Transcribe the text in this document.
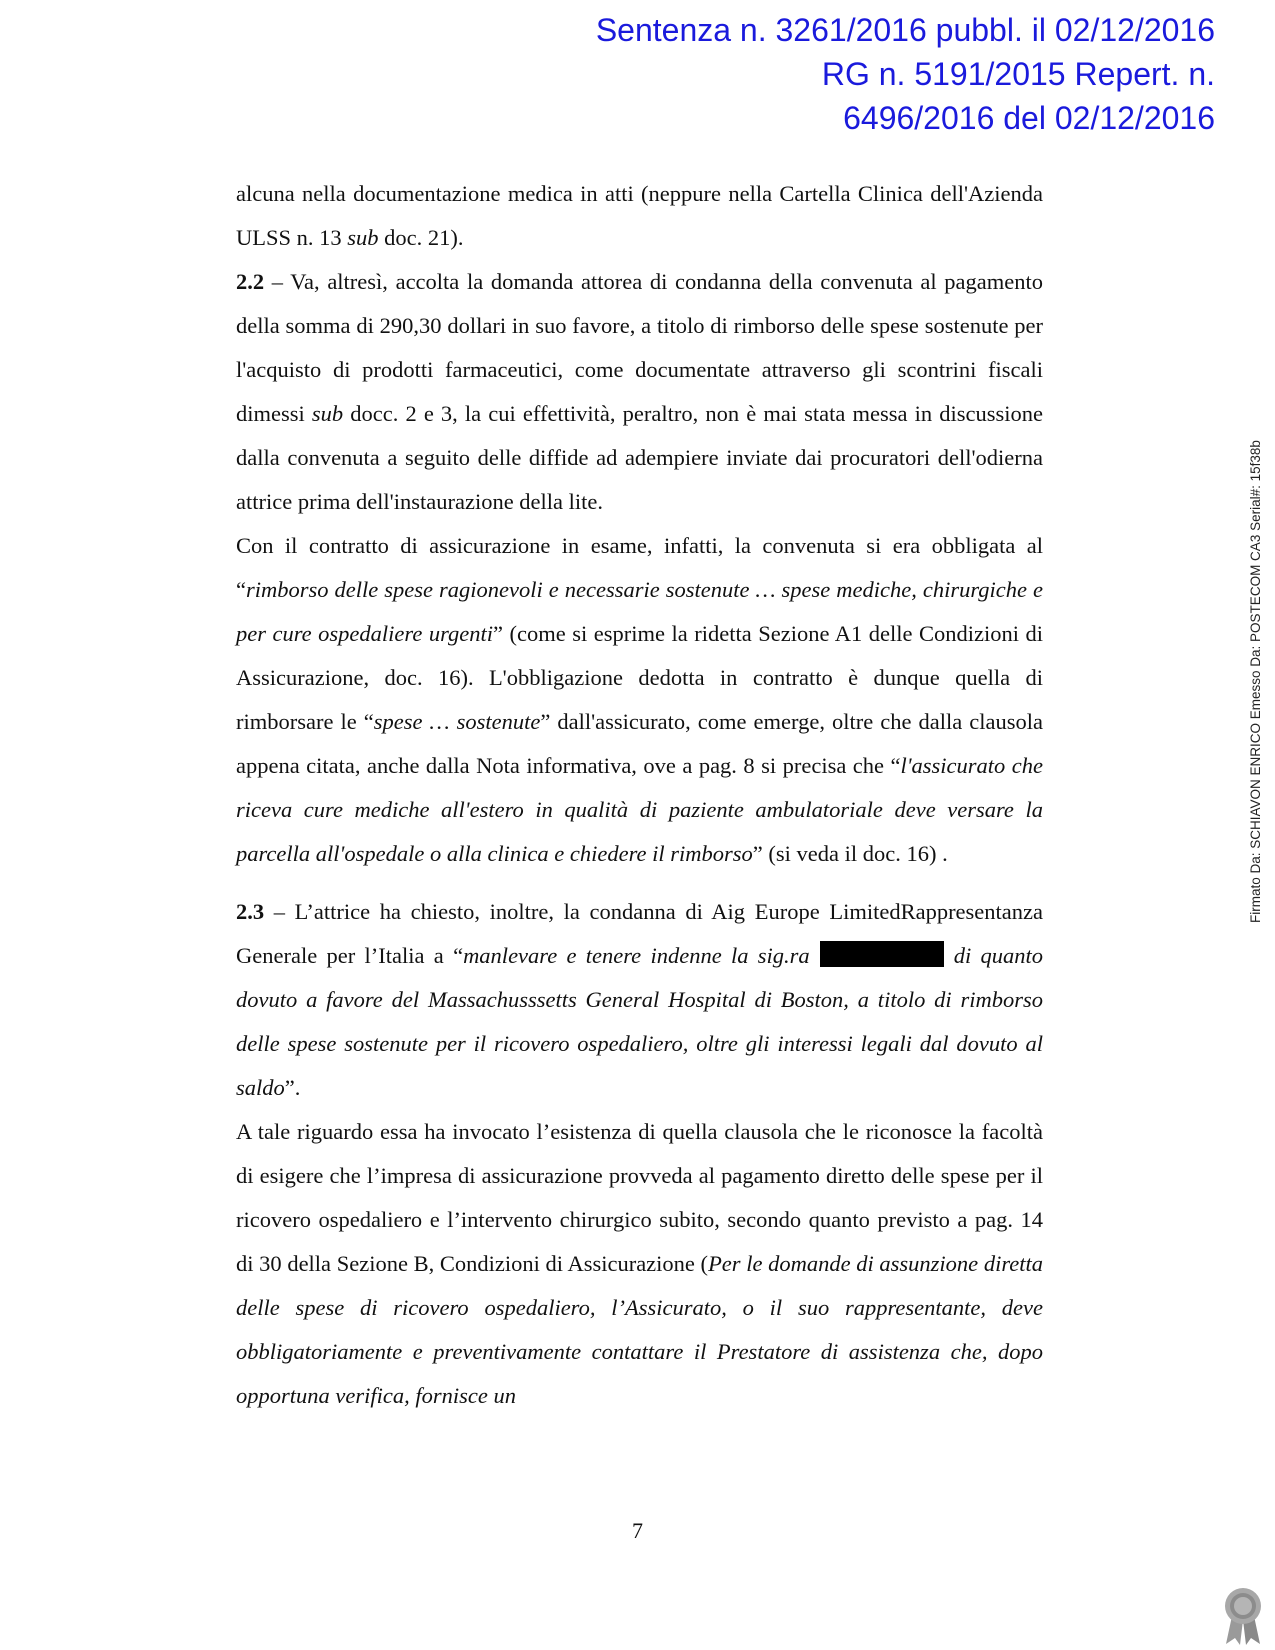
Sentenza n. 3261/2016 pubbl. il 02/12/2016
RG n. 5191/2015 Repert. n.
6496/2016 del 02/12/2016

alcuna nella documentazione medica in atti (neppure nella Cartella Clinica dell'Azienda ULSS n. 13 sub doc. 21).

2.2 – Va, altresì, accolta la domanda attorea di condanna della convenuta al pagamento della somma di 290,30 dollari in suo favore, a titolo di rimborso delle spese sostenute per l'acquisto di prodotti farmaceutici, come documentate attraverso gli scontrini fiscali dimessi sub docc. 2 e 3, la cui effettività, peraltro, non è mai stata messa in discussione dalla convenuta a seguito delle diffide ad adempiere inviate dai procuratori dell'odierna attrice prima dell'instaurazione della lite.

Con il contratto di assicurazione in esame, infatti, la convenuta si era obbligata al “rimborso delle spese ragionevoli e necessarie sostenute … spese mediche, chirurgiche e per cure ospedaliere urgenti” (come si esprime la ridetta Sezione A1 delle Condizioni di Assicurazione, doc. 16). L'obbligazione dedotta in contratto è dunque quella di rimborsare le “spese … sostenute” dall'assicurato, come emerge, oltre che dalla clausola appena citata, anche dalla Nota informativa, ove a pag. 8 si precisa che “l'assicurato che riceva cure mediche all'estero in qualità di paziente ambulatoriale deve versare la parcella all'ospedale o alla clinica e chiedere il rimborso” (si veda il doc. 16) .

2.3 – L’attrice ha chiesto, inoltre, la condanna di Aig Europe LimitedRappresentanza Generale per l’Italia a “manlevare e tenere indenne la sig.ra	di quanto dovuto a favore del Massachusssetts General Hospital di Boston, a titolo di rimborso delle spese sostenute per il ricovero ospedaliero, oltre gli interessi legali dal dovuto al saldo”.

A tale riguardo essa ha invocato l’esistenza di quella clausola che le riconosce la facoltà di esigere che l’impresa di assicurazione provveda al pagamento diretto delle spese per il ricovero ospedaliero e l’intervento chirurgico subito, secondo quanto previsto a pag. 14 di 30 della Sezione B, Condizioni di Assicurazione (Per le domande di assunzione diretta delle spese di ricovero ospedaliero, l’Assicurato, o il suo rappresentante, deve obbligatoriamente e preventivamente contattare il Prestatore di assistenza che, dopo opportuna verifica, fornisce un

7
Firmato Da: SCHIAVON ENRICO Emesso Da: POSTECOM CA3 Serial#: 15f38b
